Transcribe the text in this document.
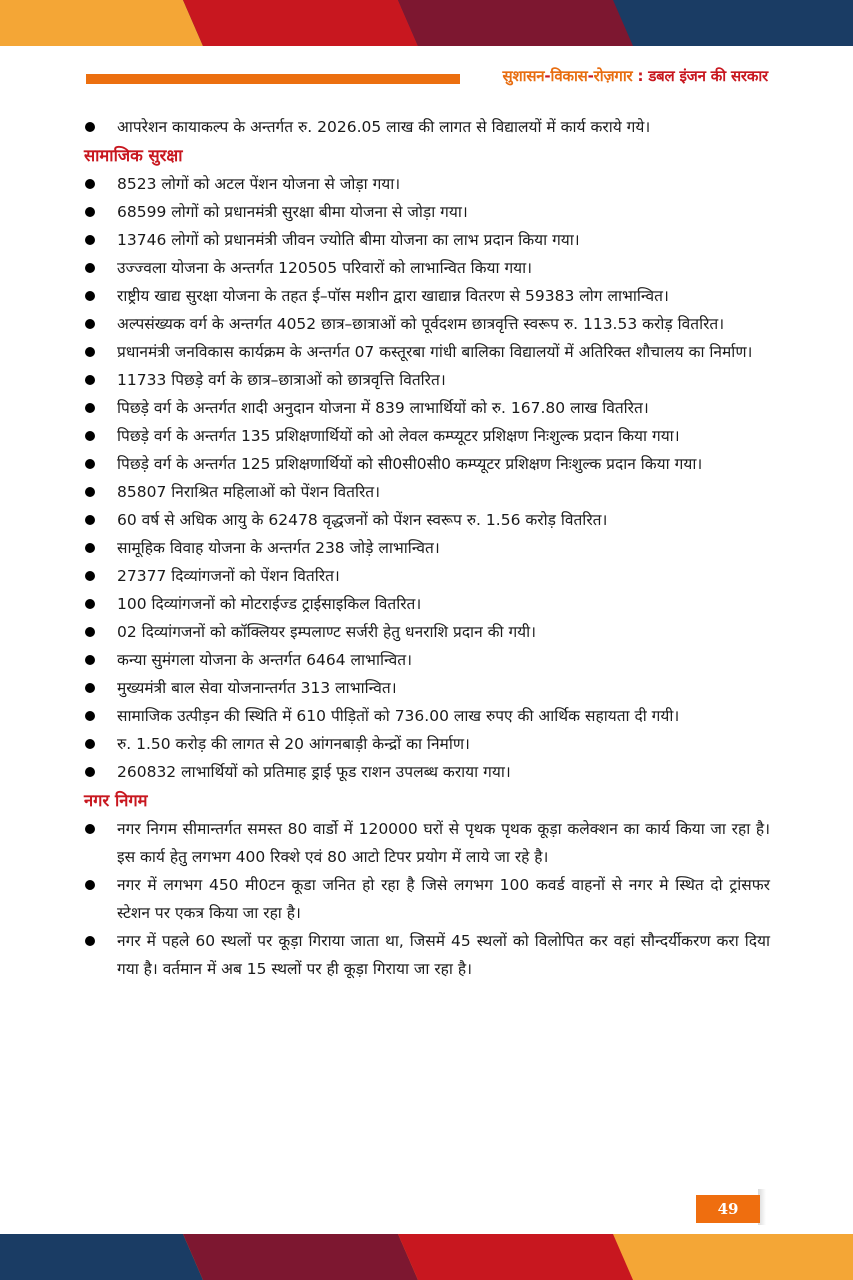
सुशासन-विकास-रोज़गार : डबल इंजन की सरकार
आपरेशन कायाकल्प के अन्तर्गत रु. 2026.05 लाख की लागत से विद्यालयों में कार्य कराये गये।
सामाजिक सुरक्षा
8523 लोगों को अटल पेंशन योजना से जोड़ा गया।
68599 लोगों को प्रधानमंत्री सुरक्षा बीमा योजना से जोड़ा गया।
13746 लोगों को प्रधानमंत्री जीवन ज्योति बीमा योजना का लाभ प्रदान किया गया।
उज्ज्वला योजना के अन्तर्गत 120505 परिवारों को लाभान्वित किया गया।
राष्ट्रीय खाद्य सुरक्षा योजना के तहत ई–पॉस मशीन द्वारा खाद्यान्न वितरण से 59383 लोग लाभान्वित।
अल्पसंख्यक वर्ग के अन्तर्गत 4052 छात्र–छात्राओं को पूर्वदशम छात्रवृत्ति स्वरूप रु. 113.53 करोड़ वितरित।
प्रधानमंत्री जनविकास कार्यक्रम के अन्तर्गत 07 कस्तूरबा गांधी बालिका विद्यालयों में अतिरिक्त शौचालय का निर्माण।
11733 पिछड़े वर्ग के छात्र–छात्राओं को छात्रवृत्ति वितरित।
पिछड़े वर्ग के अन्तर्गत शादी अनुदान योजना में 839 लाभार्थियों को रु. 167.80 लाख वितरित।
पिछड़े वर्ग के अन्तर्गत 135 प्रशिक्षणार्थियों को ओ लेवल कम्प्यूटर प्रशिक्षण निःशुल्क प्रदान किया गया।
पिछड़े वर्ग के अन्तर्गत 125 प्रशिक्षणार्थियों को सी0सी0सी0 कम्प्यूटर प्रशिक्षण निःशुल्क प्रदान किया गया।
85807 निराश्रित महिलाओं को पेंशन वितरित।
60 वर्ष से अधिक आयु के 62478 वृद्धजनों को पेंशन स्वरूप रु. 1.56 करोड़ वितरित।
सामूहिक विवाह योजना के अन्तर्गत 238 जोड़े लाभान्वित।
27377 दिव्यांगजनों को पेंशन वितरित।
100 दिव्यांगजनों को मोटराईज्ड ट्राईसाइकिल वितरित।
02 दिव्यांगजनों को कॉक्लियर इम्पलाण्ट सर्जरी हेतु धनराशि प्रदान की गयी।
कन्या सुमंगला योजना के अन्तर्गत 6464 लाभान्वित।
मुख्यमंत्री बाल सेवा योजनान्तर्गत 313 लाभान्वित।
सामाजिक उत्पीड़न की स्थिति में 610 पीड़ितों को 736.00 लाख रुपए की आर्थिक सहायता दी गयी।
रु. 1.50 करोड़ की लागत से 20 आंगनबाड़ी केन्द्रों का निर्माण।
260832 लाभार्थियों को प्रतिमाह ड्राई फूड राशन उपलब्ध कराया गया।
नगर निगम
नगर निगम सीमान्तर्गत समस्त 80 वार्डो में 120000 घरों से पृथक पृथक कूड़ा कलेक्शन का कार्य किया जा रहा है। इस कार्य हेतु लगभग 400 रिक्शे एवं 80 आटो टिपर प्रयोग में लाये जा रहे है।
नगर में लगभग 450 मी0टन कूडा जनित हो रहा है जिसे लगभग 100 कवर्ड वाहनों से नगर मे स्थित दो ट्रांसफर स्टेशन पर एकत्र किया जा रहा है।
नगर में पहले 60 स्थलों पर कूड़ा गिराया जाता था, जिसमें 45 स्थलों को विलोपित कर वहां सौन्दर्यीकरण करा दिया गया है। वर्तमान में अब 15 स्थलों पर ही कूड़ा गिराया जा रहा है।
49
